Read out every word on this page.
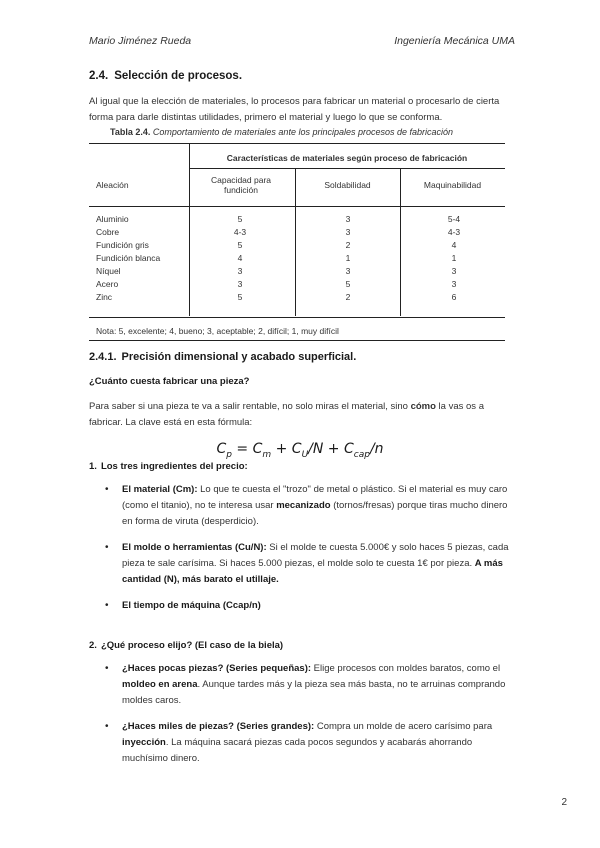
Mario Jiménez Rueda	Ingeniería Mecánica UMA
2.4. Selección de procesos.
Al igual que la elección de materiales, lo procesos para fabricar un material o procesarlo de cierta forma para darle distintas utilidades, primero el material y luego lo que se conforma.
Tabla 2.4. Comportamiento de materiales ante los principales procesos de fabricación
Características de materiales según proceso de fabricación
Aleación	Capacidad para fundición	Soldabilidad	Maquinabilidad
Aluminio	5	3	5-4
Cobre	4-3	3	4-3
Fundición gris	5	2	4
Fundición blanca	4	1	1
Níquel	3	3	3
Acero	3	5	3
Zinc	5	2	6
Nota: 5, excelente; 4, bueno; 3, aceptable; 2, difícil; 1, muy difícil
2.4.1. Precisión dimensional y acabado superficial.
¿Cuánto cuesta fabricar una pieza?
Para saber si una pieza te va a salir rentable, no solo miras el material, sino cómo la vas os a fabricar. La clave está en esta fórmula:
$C_p = C_m + C_U/N + C_{cap}/n$
1. Los tres ingredientes del precio:
• El material (Cm): Lo que te cuesta el "trozo" de metal o plástico. Si el material es muy caro (como el titanio), no te interesa usar mecanizado (tornos/fresas) porque tiras mucho dinero en forma de viruta (desperdicio).
• El molde o herramientas (Cu/N): Si el molde te cuesta 5.000€ y solo haces 5 piezas, cada pieza te sale carísima. Si haces 5.000 piezas, el molde solo te cuesta 1€ por pieza. A más cantidad (N), más barato el utillaje.
• El tiempo de máquina (Ccap/n)
2. ¿Qué proceso elijo? (El caso de la biela)
• ¿Haces pocas piezas? (Series pequeñas): Elige procesos con moldes baratos, como el moldeo en arena. Aunque tardes más y la pieza sea más basta, no te arruinas comprando moldes caros.
• ¿Haces miles de piezas? (Series grandes): Compra un molde de acero carísimo para inyección. La máquina sacará piezas cada pocos segundos y acabarás ahorrando muchísimo dinero.
2
